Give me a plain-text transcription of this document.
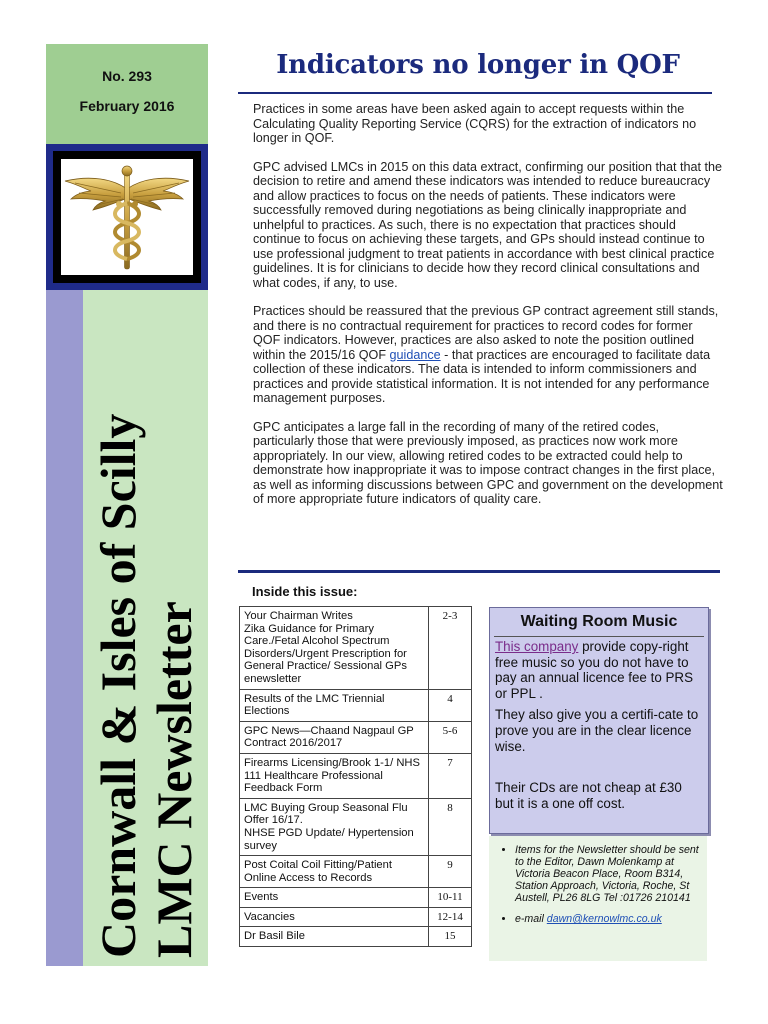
No. 293
February 2016
Cornwall & Isles of Scilly LMC Newsletter
Indicators no longer in QOF

Practices in some areas have been asked again to accept requests within the Calculating Quality Reporting Service (CQRS) for the extraction of indicators no longer in QOF.

GPC advised LMCs in 2015 on this data extract, confirming our position that that the decision to retire and amend these indicators was intended to reduce bureaucracy and allow practices to focus on the needs of patients. These indicators were successfully removed during negotiations as being clinically inappropriate and unhelpful to practices. As such, there is no expectation that practices should continue to focus on achieving these targets, and GPs should instead continue to use professional judgment to treat patients in accordance with best clinical practice guidelines. It is for clinicians to decide how they record clinical consultations and what codes, if any, to use.

Practices should be reassured that the previous GP contract agreement still stands, and there is no contractual requirement for practices to record codes for former QOF indicators. However, practices are also asked to note the position outlined within the 2015/16 QOF guidance - that practices are encouraged to facilitate data collection of these indicators. The data is intended to inform commissioners and practices and provide statistical information. It is not intended for any performance management purposes.

GPC anticipates a large fall in the recording of many of the retired codes, particularly those that were previously imposed, as practices now work more appropriately. In our view, allowing retired codes to be extracted could help to demonstrate how inappropriate it was to impose contract changes in the first place, as well as informing discussions between GPC and government on the development of more appropriate future indicators of quality care.

Inside this issue:
Your Chairman Writes
Zika Guidance for Primary Care./Fetal Alcohol Spectrum Disorders/Urgent Prescription for General Practice/ Sessional GPs enewsletter	2-3
Results of the LMC Triennial Elections	4
GPC News—Chaand Nagpaul GP Contract 2016/2017	5-6
Firearms Licensing/Brook 1-1/ NHS 111 Healthcare Professional Feedback Form	7
LMC Buying Group Seasonal Flu Offer 16/17.
NHSE PGD Update/ Hypertension survey	8
Post Coital Coil Fitting/Patient Online Access to Records	9
Events	10-11
Vacancies	12-14
Dr Basil Bile	15
Waiting Room Music

This company provide copy-right free music so you do not have to pay an annual licence fee to PRS or PPL .

They also give you a certifi-cate to prove you are in the clear licence wise.

Their CDs are not cheap at £30 but it is a one off cost.

• Items for the Newsletter should be sent to the Editor, Dawn Molenkamp at Victoria Beacon Place, Room B314, Station Approach, Victoria, Roche, St Austell, PL26 8LG Tel :01726 210141
• e-mail dawn@kernowlmc.co.uk
